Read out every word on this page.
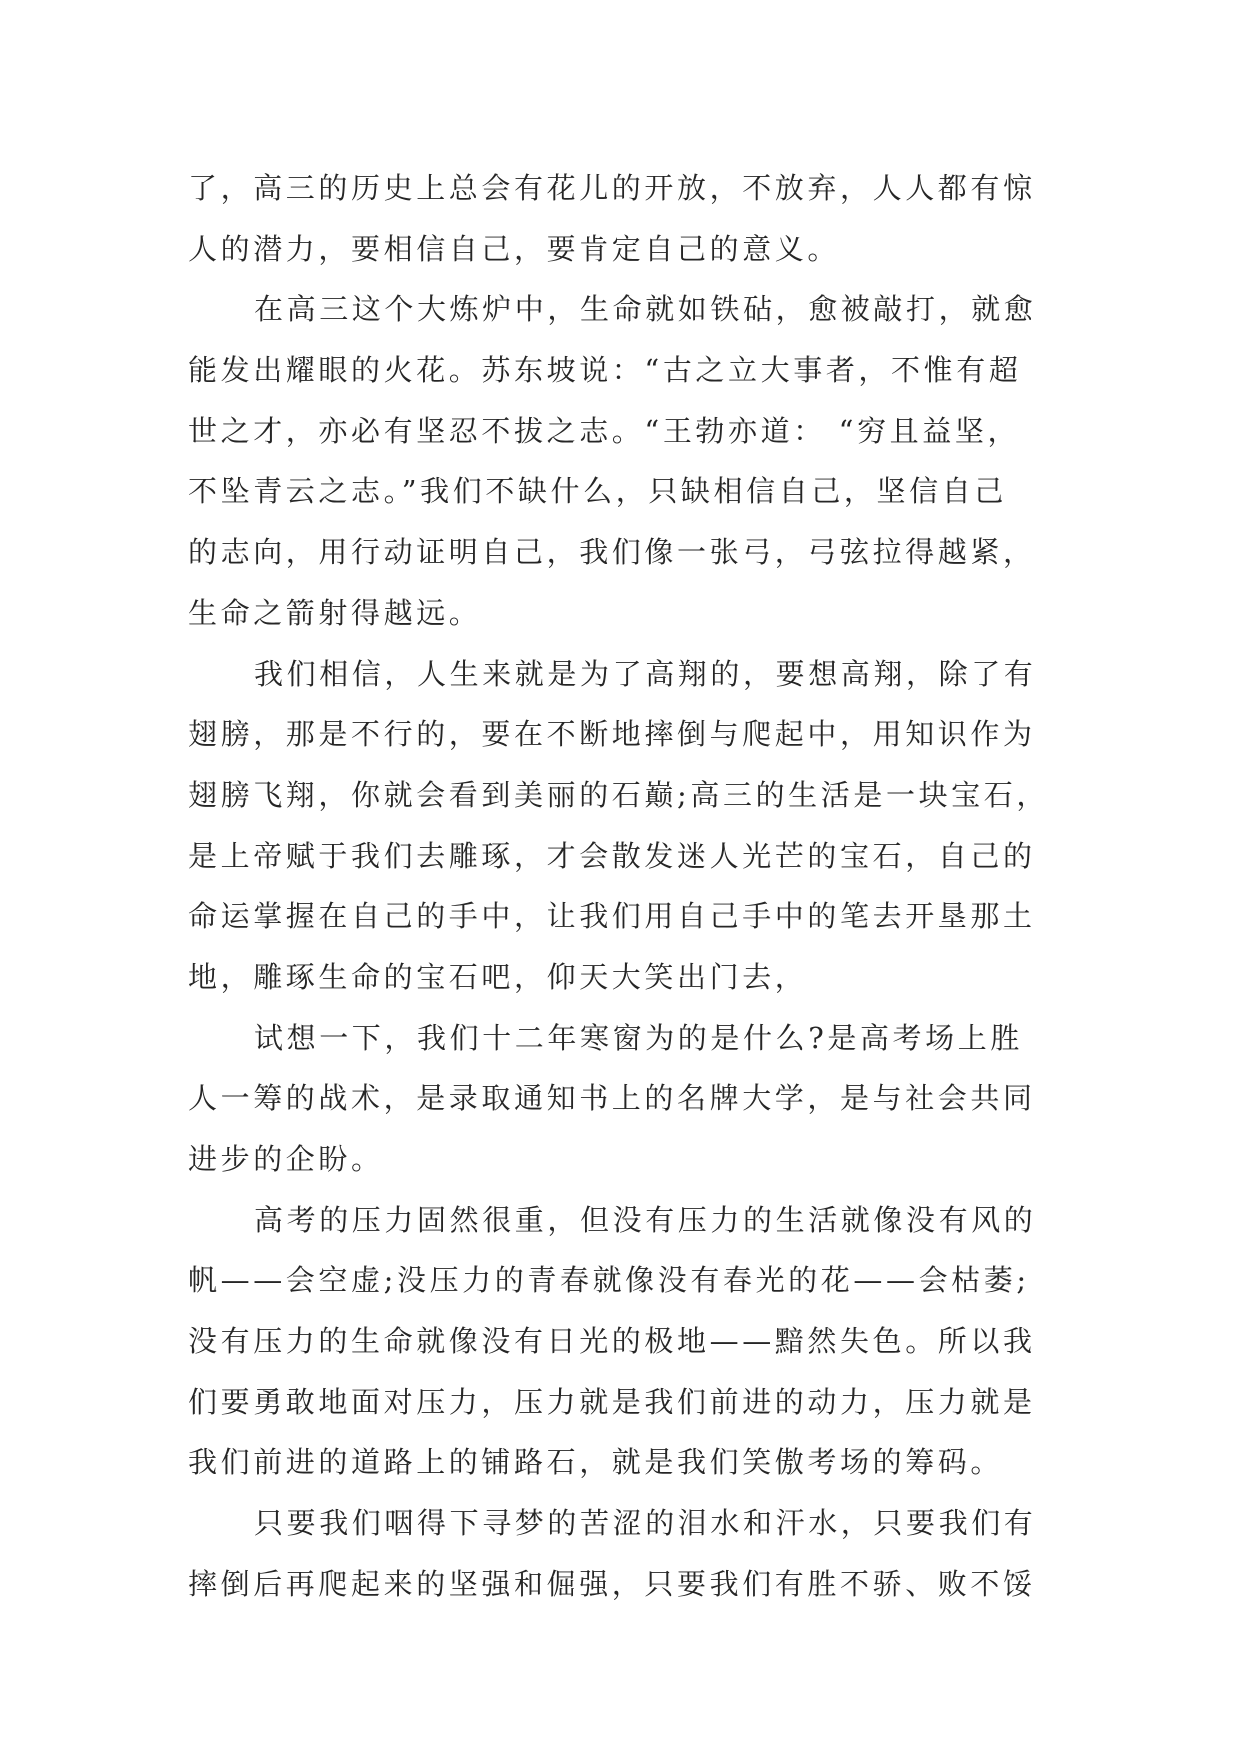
了，高三的历史上总会有花儿的开放，不放弃，人人都有惊
人的潜力，要相信自己，要肯定自己的意义。
在高三这个大炼炉中，生命就如铁砧，愈被敲打，就愈
能发出耀眼的火花。苏东坡说：“古之立大事者，不惟有超
世之才，亦必有坚忍不拔之志。“王勃亦道： “穷且益坚，
不坠青云之志。”我们不缺什么，只缺相信自己，坚信自己
的志向，用行动证明自己，我们像一张弓，弓弦拉得越紧，
生命之箭射得越远。
我们相信，人生来就是为了高翔的，要想高翔，除了有
翅膀，那是不行的，要在不断地摔倒与爬起中，用知识作为
翅膀飞翔，你就会看到美丽的石巅;高三的生活是一块宝石，
是上帝赋于我们去雕琢，才会散发迷人光芒的宝石，自己的
命运掌握在自己的手中，让我们用自己手中的笔去开垦那土
地，雕琢生命的宝石吧，仰天大笑出门去，
试想一下，我们十二年寒窗为的是什么?是高考场上胜
人一筹的战术，是录取通知书上的名牌大学，是与社会共同
进步的企盼。
高考的压力固然很重，但没有压力的生活就像没有风的
帆——会空虚;没压力的青春就像没有春光的花——会枯萎;
没有压力的生命就像没有日光的极地——黯然失色。所以我
们要勇敢地面对压力，压力就是我们前进的动力，压力就是
我们前进的道路上的铺路石，就是我们笑傲考场的筹码。
只要我们咽得下寻梦的苦涩的泪水和汗水，只要我们有
摔倒后再爬起来的坚强和倔强，只要我们有胜不骄、败不馁
